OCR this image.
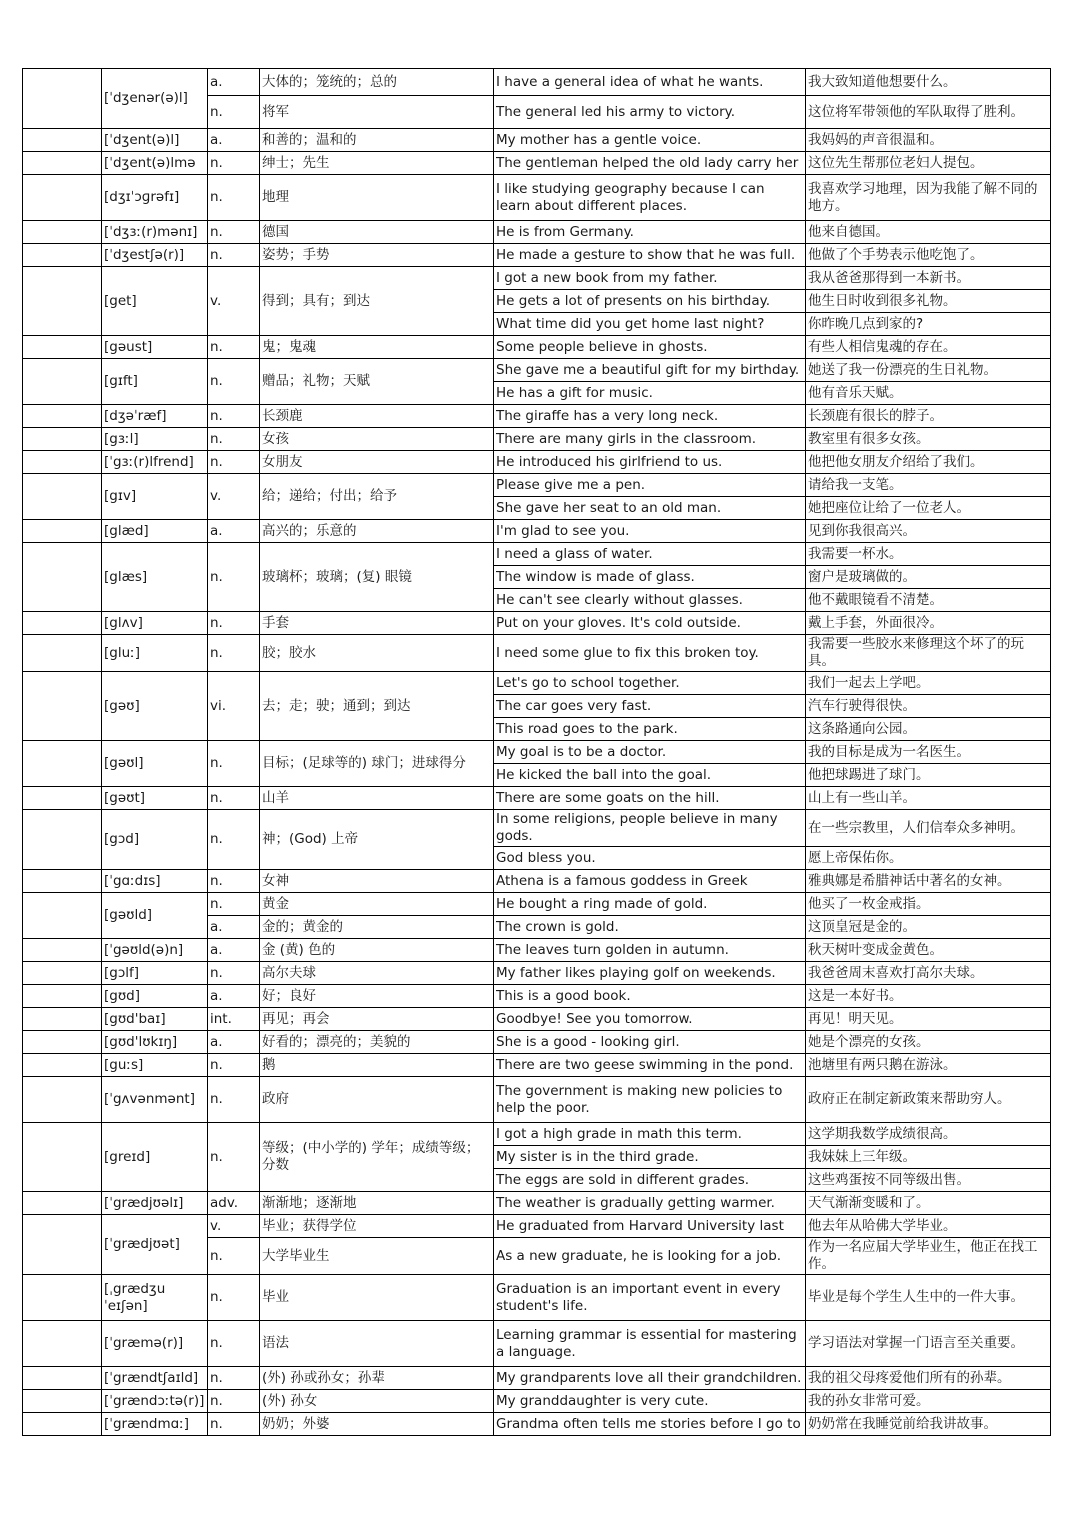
	[ˈdʒenər(ə)l]	a.	大体的；笼统的；总的	I have a general idea of what he wants.	我大致知道他想要什么。
		n.	将军	The general led his army to victory.	这位将军带领他的军队取得了胜利。
	[ˈdʒent(ə)l]	a.	和善的；温和的	My mother has a gentle voice.	我妈妈的声音很温和。
	[ˈdʒent(ə)lmə	n.	绅士；先生	The gentleman helped the old lady carry her	这位先生帮那位老妇人提包。
	[dʒɪˈɔɡrəfɪ]	n.	地理	I like studying geography because I can learn about different places.	我喜欢学习地理，因为我能了解不同的地方。
	[ˈdʒɜː(r)mənɪ]	n.	德国	He is from Germany.	他来自德国。
	[ˈdʒestʃə(r)]	n.	姿势；手势	He made a gesture to show that he was full.	他做了个手势表示他吃饱了。
	[get]	v.	得到；具有；到达	I got a new book from my father.	我从爸爸那得到一本新书。
				He gets a lot of presents on his birthday.	他生日时收到很多礼物。
				What time did you get home last night?	你昨晚几点到家的?
	[gəust]	n.	鬼；鬼魂	Some people believe in ghosts.	有些人相信鬼魂的存在。
	[gɪft]	n.	赠品；礼物；天赋	She gave me a beautiful gift for my birthday.	她送了我一份漂亮的生日礼物。
				He has a gift for music.	他有音乐天赋。
	[dʒəˈræf]	n.	长颈鹿	The giraffe has a very long neck.	长颈鹿有很长的脖子。
	[gɜːl]	n.	女孩	There are many girls in the classroom.	教室里有很多女孩。
	[ˈgɜː(r)lfrend]	n.	女朋友	He introduced his girlfriend to us.	他把他女朋友介绍给了我们。
	[gɪv]	v.	给；递给；付出；给予	Please give me a pen.	请给我一支笔。
				She gave her seat to an old man.	她把座位让给了一位老人。
	[glæd]	a.	高兴的；乐意的	I'm glad to see you.	见到你我很高兴。
	[glæs]	n.	玻璃杯；玻璃；(复) 眼镜	I need a glass of water.	我需要一杯水。
				The window is made of glass.	窗户是玻璃做的。
				He can't see clearly without glasses.	他不戴眼镜看不清楚。
	[glʌv]	n.	手套	Put on your gloves. It's cold outside.	戴上手套，外面很冷。
	[gluː]	n.	胶；胶水	I need some glue to fix this broken toy.	我需要一些胶水来修理这个坏了的玩具。
	[gəʊ]	vi.	去；走；驶；通到；到达	Let's go to school together.	我们一起去上学吧。
				The car goes very fast.	汽车行驶得很快。
				This road goes to the park.	这条路通向公园。
	[gəʊl]	n.	目标；(足球等的) 球门；进球得分	My goal is to be a doctor.	我的目标是成为一名医生。
				He kicked the ball into the goal.	他把球踢进了球门。
	[gəʊt]	n.	山羊	There are some goats on the hill.	山上有一些山羊。
	[gɔd]	n.	神；(God) 上帝	In some religions, people believe in many gods.	在一些宗教里，人们信奉众多神明。
				God bless you.	愿上帝保佑你。
	[ˈgɑːdɪs]	n.	女神	Athena is a famous goddess in Greek	雅典娜是希腊神话中著名的女神。
	[gəʊld]	n.	黄金	He bought a ring made of gold.	他买了一枚金戒指。
		a.	金的；黄金的	The crown is gold.	这顶皇冠是金的。
	[ˈgəʊld(ə)n]	a.	金 (黄) 色的	The leaves turn golden in autumn.	秋天树叶变成金黄色。
	[gɔlf]	n.	高尔夫球	My father likes playing golf on weekends.	我爸爸周末喜欢打高尔夫球。
	[gʊd]	a.	好；良好	This is a good book.	这是一本好书。
	[gʊd'baɪ]	int.	再见；再会	Goodbye! See you tomorrow.	再见！明天见。
	[gʊd'lʊkɪŋ]	a.	好看的；漂亮的；美貌的	She is a good - looking girl.	她是个漂亮的女孩。
	[guːs]	n.	鹅	There are two geese swimming in the pond.	池塘里有两只鹅在游泳。
	[ˈgʌvənmənt]	n.	政府	The government is making new policies to help the poor.	政府正在制定新政策来帮助穷人。
	[greɪd]	n.	等级；(中小学的) 学年；成绩等级；分数	I got a high grade in math this term.	这学期我数学成绩很高。
				My sister is in the third grade.	我妹妹上三年级。
				The eggs are sold in different grades.	这些鸡蛋按不同等级出售。
	[ˈgrædjʊəlɪ]	adv.	渐渐地；逐渐地	The weather is gradually getting warmer.	天气渐渐变暖和了。
	[ˈgrædjʊət]	v.	毕业；获得学位	He graduated from Harvard University last	他去年从哈佛大学毕业。
		n.	大学毕业生	As a new graduate, he is looking for a job.	作为一名应届大学毕业生，他正在找工作。
	[ˌgrædʒuˈeɪʃən]	n.	毕业	Graduation is an important event in every student's life.	毕业是每个学生人生中的一件大事。
	[ˈgræmə(r)]	n.	语法	Learning grammar is essential for mastering a language.	学习语法对掌握一门语言至关重要。
	[ˈgrændtʃaɪld]	n.	(外) 孙或孙女；孙辈	My grandparents love all their grandchildren.	我的祖父母疼爱他们所有的孙辈。
	[ˈgrændɔːtə(r)]	n.	(外) 孙女	My granddaughter is very cute.	我的孙女非常可爱。
	[ˈgrændmɑː]	n.	奶奶；外婆	Grandma often tells me stories before I go to	奶奶常在我睡觉前给我讲故事。
